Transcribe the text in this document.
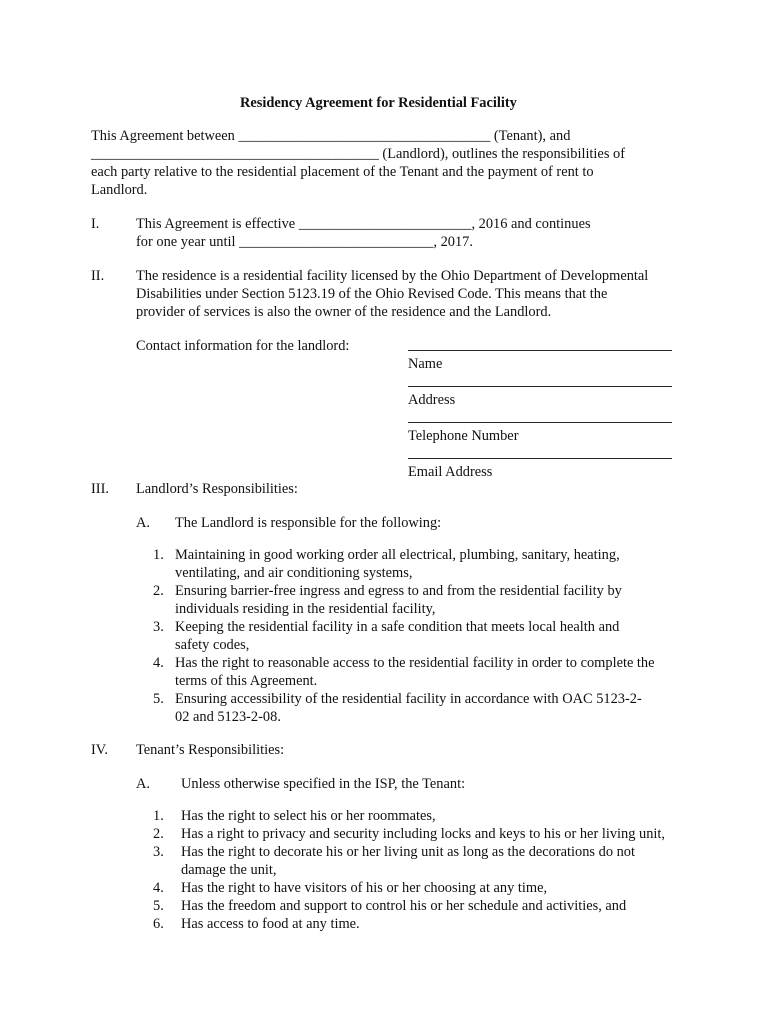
Residency Agreement for Residential Facility
This Agreement between ___________________________________ (Tenant), and
________________________________________ (Landlord), outlines the responsibilities of
each party relative to the residential placement of the Tenant and the payment of rent to
Landlord.
I.	This Agreement is effective ________________________, 2016 and continues
for one year until ___________________________, 2017.
II. The residence is a residential facility licensed by the Ohio Department of Developmental
Disabilities under Section 5123.19 of the Ohio Revised Code. This means that the
provider of services is also the owner of the residence and the Landlord.
Contact information for the landlord:
Name
Address
Telephone Number
Email Address
III. Landlord’s Responsibilities:
A. The Landlord is responsible for the following:
1. Maintaining in good working order all electrical, plumbing, sanitary, heating,
ventilating, and air conditioning systems,
2. Ensuring barrier-free ingress and egress to and from the residential facility by
individuals residing in the residential facility,
3. Keeping the residential facility in a safe condition that meets local health and
safety codes,
4. Has the right to reasonable access to the residential facility in order to complete the
terms of this Agreement.
5. Ensuring accessibility of the residential facility in accordance with OAC 5123-2-
02 and 5123-2-08.
IV. Tenant’s Responsibilities:
A. Unless otherwise specified in the ISP, the Tenant:
1. Has the right to select his or her roommates,
2. Has a right to privacy and security including locks and keys to his or her living unit,
3. Has the right to decorate his or her living unit as long as the decorations do not
damage the unit,
4. Has the right to have visitors of his or her choosing at any time,
5. Has the freedom and support to control his or her schedule and activities, and
6. Has access to food at any time.
